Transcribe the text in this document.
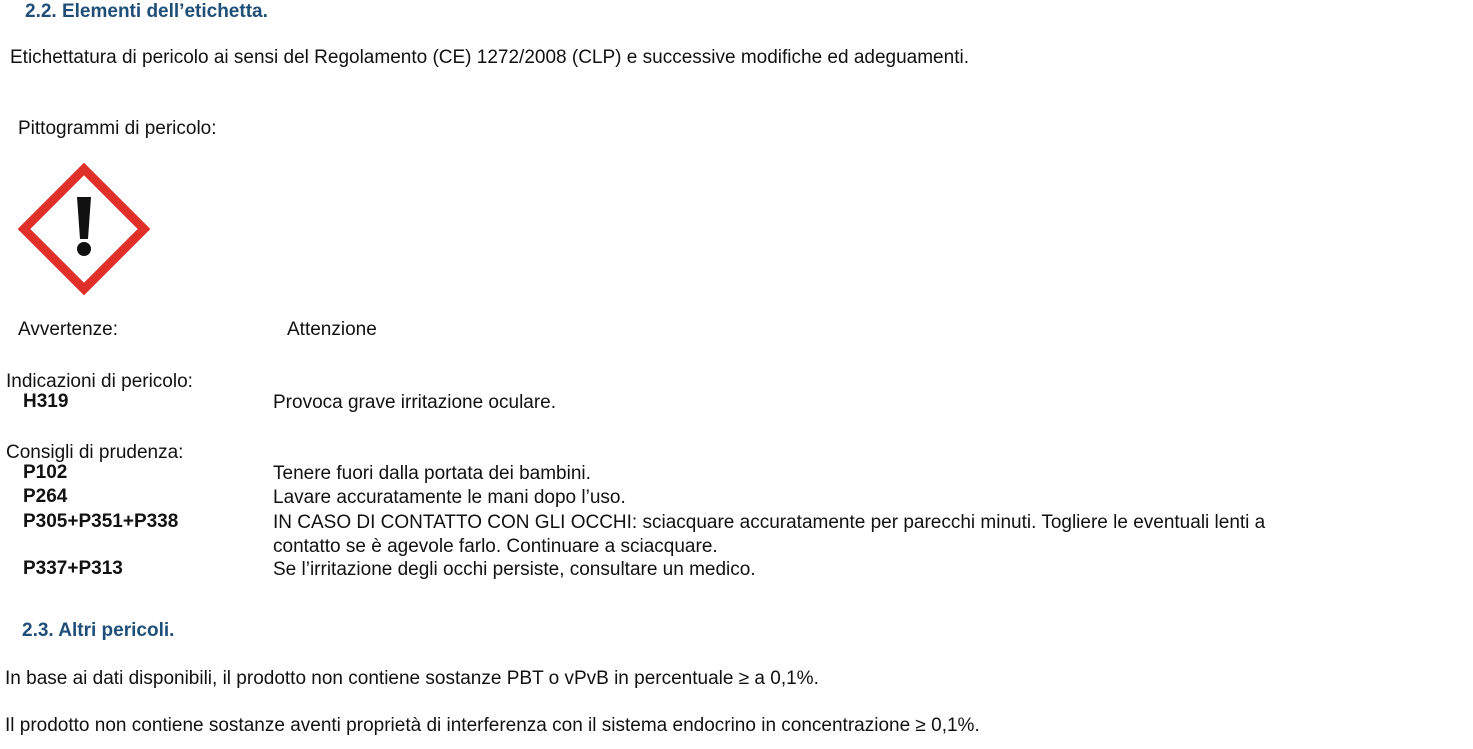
2.2. Elementi dell’etichetta.
Etichettatura di pericolo ai sensi del Regolamento (CE) 1272/2008 (CLP) e successive modifiche ed adeguamenti.
Pittogrammi di pericolo:
Avvertenze:	Attenzione
Indicazioni di pericolo:
H319	Provoca grave irritazione oculare.
Consigli di prudenza:
P102	Tenere fuori dalla portata dei bambini.
P264	Lavare accuratamente le mani dopo l’uso.
P305+P351+P338	IN CASO DI CONTATTO CON GLI OCCHI: sciacquare accuratamente per parecchi minuti. Togliere le eventuali lenti a
contatto se è agevole farlo. Continuare a sciacquare.
P337+P313	Se l’irritazione degli occhi persiste, consultare un medico.
2.3. Altri pericoli.
In base ai dati disponibili, il prodotto non contiene sostanze PBT o vPvB in percentuale ≥ a 0,1%.
Il prodotto non contiene sostanze aventi proprietà di interferenza con il sistema endocrino in concentrazione ≥ 0,1%.
